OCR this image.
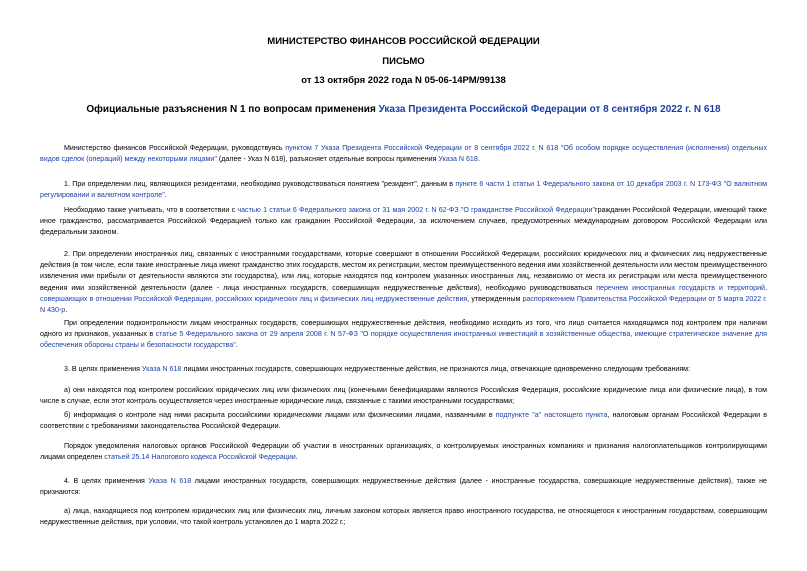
МИНИСТЕРСТВО ФИНАНСОВ РОССИЙСКОЙ ФЕДЕРАЦИИ
ПИСЬМО
от 13 октября 2022 года N 05-06-14РМ/99138
Официальные разъяснения N 1 по вопросам применения Указа Президента Российской Федерации от 8 сентября 2022 г. N 618

Министерство финансов Российской Федерации, руководствуясь пунктом 7 Указа Президента Российской Федерации от 8 сентября 2022 г. N 618 "Об особом порядке осуществления (исполнения) отдельных видов сделок (операций) между некоторыми лицами" (далее - Указ N 618), разъясняет отдельные вопросы применения Указа N 618.

1. При определении лиц, являющихся резидентами, необходимо руководствоваться понятием "резидент", данным в пункте 6 части 1 статьи 1 Федерального закона от 10 декабря 2003 г. N 173-ФЗ "О валютном регулировании и валютном контроле".

Необходимо также учитывать, что в соответствии с частью 1 статьи 6 Федерального закона от 31 мая 2002 г. N 62-ФЗ "О гражданстве Российской Федерации"гражданин Российской Федерации, имеющий также иное гражданство, рассматривается Российской Федерацией только как гражданин Российской Федерации, за исключением случаев, предусмотренных международным договором Российской Федерации или федеральным законом.

2. При определении иностранных лиц, связанных с иностранными государствами, которые совершают в отношении Российской Федерации, российских юридических лиц и физических лиц недружественные действия (в том числе, если такие иностранные лица имеют гражданство этих государств, местом их регистрации, местом преимущественного ведения ими хозяйственной деятельности или местом преимущественного извлечения ими прибыли от деятельности являются эти государства), или лиц, которые находятся под контролем указанных иностранных лиц, независимо от места их регистрации или места преимущественного ведения ими хозяйственной деятельности (далее - лица иностранных государств, совершающих недружественные действия), необходимо руководствоваться перечнем иностранных государств и территорий, совершающих в отношении Российской Федерации, российских юридических лиц и физических лиц недружественные действия, утвержденным распоряжением Правительства Российской Федерации от 5 марта 2022 г. N 430-р.

При определении подконтрольности лицам иностранных государств, совершающих недружественные действия, необходимо исходить из того, что лицо считается находящимся под контролем при наличии одного из признаков, указанных в статье 5 Федерального закона от 29 апреля 2008 г. N 57-ФЗ "О порядке осуществления иностранных инвестиций в хозяйственные общества, имеющие стратегическое значение для обеспечения обороны страны и безопасности государства".

3. В целях применения Указа N 618 лицами иностранных государств, совершающих недружественные действия, не признаются лица, отвечающие одновременно следующим требованиям:

а) они находятся под контролем российских юридических лиц или физических лиц (конечными бенефициарами являются Российская Федерация, российские юридические лица или физические лица), в том числе в случае, если этот контроль осуществляется через иностранные юридические лица, связанные с такими иностранными государствами;

б) информация о контроле над ними раскрыта российскими юридическими лицами или физическими лицами, названными в подпункте "а" настоящего пункта, налоговым органам Российской Федерации в соответствии с требованиями законодательства Российской Федерации.

Порядок уведомления налоговых органов Российской Федерации об участии в иностранных организациях, о контролируемых иностранных компаниях и признания налогоплательщиков контролирующими лицами определен статьей 25.14 Налогового кодекса Российской Федерации.

4. В целях применения Указа N 618 лицами иностранных государств, совершающих недружественные действия (далее - иностранные государства, совершающие недружественные действия), также не признаются:

а) лица, находящиеся под контролем юридических лиц или физических лиц, личным законом которых является право иностранного государства, не относящегося к иностранным государствам, совершающим недружественные действия, при условии, что такой контроль установлен до 1 марта 2022 г.;
